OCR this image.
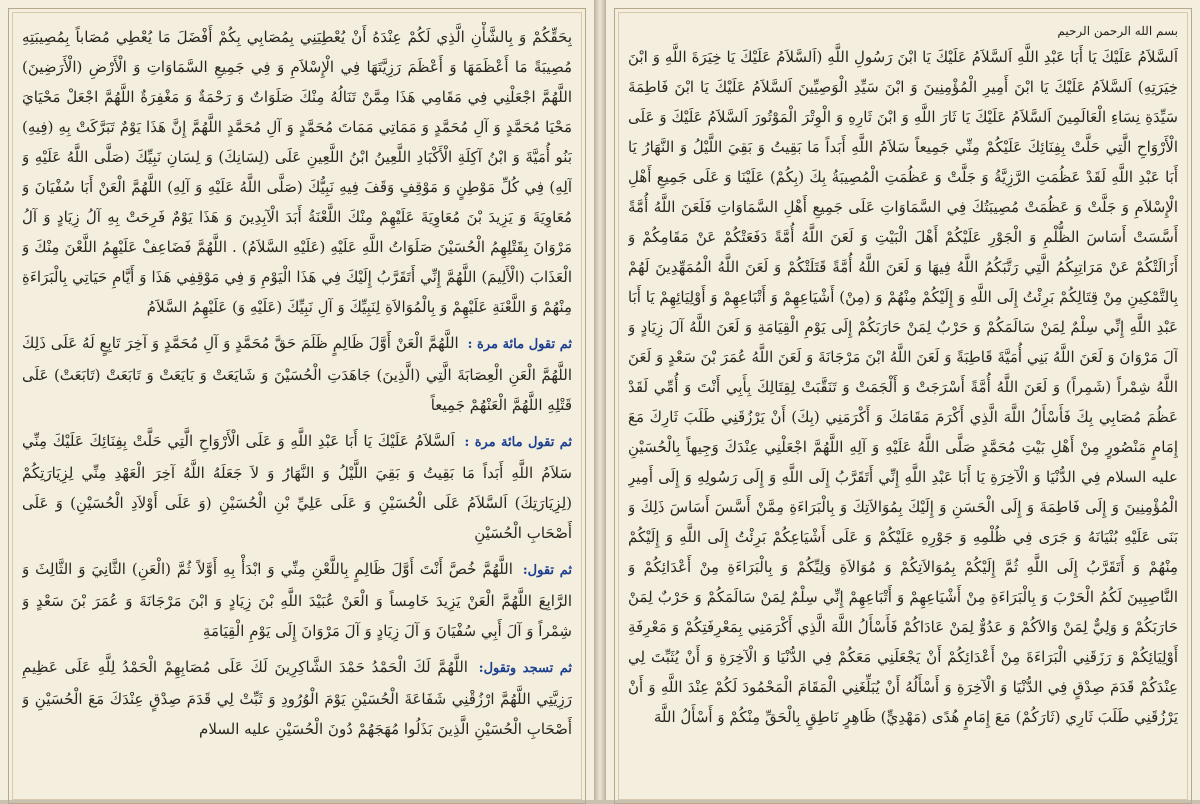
بِحَقِّكُمْ وَ بِالشَّأْنِ الَّذِي لَكُمْ عِنْدَهُ أَنْ يُعْطِيَنِي بِمُصَابِي بِكُمْ أَفْضَلَ مَا يُعْطِي مُصَاباً بِمُصِيبَتِهِ مُصِيبَةً مَا أَعْظَمَهَا وَ أَعْظَمَ رَزِيَّتَهَا فِي الْإِسْلاَمِ وَ فِي جَمِيعِ السَّمَاوَاتِ وَ الْأَرْضِ (الْأَرَضِينَ) اللَّهُمَّ اجْعَلْنِي فِي مَقَامِي هَذَا مِمَّنْ تَنَالُهُ مِنْكَ صَلَوَاتٌ وَ رَحْمَةٌ وَ مَغْفِرَةٌ اللَّهُمَّ اجْعَلْ مَحْيَايَ مَحْيَا مُحَمَّدٍ وَ آلِ مُحَمَّدٍ وَ مَمَاتِي مَمَاتَ مُحَمَّدٍ وَ آلِ مُحَمَّدٍ اللَّهُمَّ إِنَّ هَذَا يَوْمٌ تَبَرَّكَتْ بِهِ (فِيهِ) بَنُو أُمَيَّةَ وَ ابْنُ آكِلَةِ الْأَكْبَادِ اللَّعِينُ ابْنُ اللَّعِينِ عَلَى (لِسَانِكَ) وَ لِسَانِ نَبِيِّكَ (صَلَّى اللَّهُ عَلَيْهِ وَ آلِهِ) فِي كُلِّ مَوْطِنٍ وَ مَوْقِفٍ وَقَفَ فِيهِ نَبِيُّكَ (صَلَّى اللَّهُ عَلَيْهِ وَ آلِهِ) اللَّهُمَّ الْعَنْ أَبَا سُفْيَانَ وَ مُعَاوِيَةَ وَ يَزِيدَ بْنَ مُعَاوِيَةَ عَلَيْهِمْ مِنْكَ اللَّعْنَةُ أَبَدَ الْآبِدِينَ وَ هَذَا يَوْمٌ فَرِحَتْ بِهِ آلُ زِيَادٍ وَ آلُ مَرْوَانَ بِقَتْلِهِمُ الْحُسَيْنَ صَلَوَاتُ اللَّهِ عَلَيْهِ (عَلَيْهِ السَّلاَمُ) . اللَّهُمَّ فَضَاعِفْ عَلَيْهِمُ اللَّعْنَ مِنْكَ وَ الْعَذَابَ (الْأَلِيمَ) اللَّهُمَّ إِنِّي أَتَقَرَّبُ إِلَيْكَ فِي هَذَا الْيَوْمِ وَ فِي مَوْقِفِي هَذَا وَ أَيَّامِ حَيَاتِي بِالْبَرَاءَةِ مِنْهُمْ وَ اللَّعْنَةِ عَلَيْهِمْ وَ بِالْمُوَالاَةِ لِنَبِيِّكَ وَ آلِ نَبِيِّكَ (عَلَيْهِ وَ) عَلَيْهِمُ السَّلاَمُ

ثم تقول مائة مرة : اللَّهُمَّ الْعَنْ أَوَّلَ ظَالِمٍ ظَلَمَ حَقَّ مُحَمَّدٍ وَ آلِ مُحَمَّدٍ وَ آخِرَ تَابِعٍ لَهُ عَلَى ذَلِكَ اللَّهُمَّ الْعَنِ الْعِصَابَةَ الَّتِي (الَّذِينَ) جَاهَدَتِ الْحُسَيْنَ وَ شَايَعَتْ وَ بَايَعَتْ وَ تَابَعَتْ (تَابَعَتْ) عَلَى قَتْلِهِ اللَّهُمَّ الْعَنْهُمْ جَمِيعاً

ثم تقول مائة مرة : اَلسَّلاَمُ عَلَيْكَ يَا أَبَا عَبْدِ اللَّهِ وَ عَلَى الْأَرْوَاحِ الَّتِي حَلَّتْ بِفِنَائِكَ عَلَيْكَ مِنِّي سَلاَمُ اللَّهِ أَبَداً مَا بَقِيتُ وَ بَقِيَ اللَّيْلُ وَ النَّهَارُ وَ لاَ جَعَلَهُ اللَّهُ آخِرَ الْعَهْدِ مِنِّي لِزِيَارَتِكُمْ (لِزِيَارَتِكَ) اَلسَّلاَمُ عَلَى الْحُسَيْنِ وَ عَلَى عَلِيِّ بْنِ الْحُسَيْنِ (وَ عَلَى أَوْلاَدِ الْحُسَيْنِ) وَ عَلَى أَصْحَابِ الْحُسَيْنِ

ثم تقول: اللَّهُمَّ خُصَّ أَنْتَ أَوَّلَ ظَالِمٍ بِاللَّعْنِ مِنِّي وَ ابْدَأْ بِهِ أَوَّلاً ثُمَّ (الْعَنِ) الثَّانِيَ وَ الثَّالِثَ وَ الرَّابِعَ اللَّهُمَّ الْعَنْ يَزِيدَ خَامِساً وَ الْعَنْ عُبَيْدَ اللَّهِ بْنَ زِيَادٍ وَ ابْنَ مَرْجَانَةَ وَ عُمَرَ بْنَ سَعْدٍ وَ شِمْراً وَ آلَ أَبِي سُفْيَانَ وَ آلَ زِيَادٍ وَ آلَ مَرْوَانَ إِلَى يَوْمِ الْقِيَامَةِ

ثم تسجد وتقول: اللَّهُمَّ لَكَ الْحَمْدُ حَمْدَ الشَّاكِرِينَ لَكَ عَلَى مُصَابِهِمْ الْحَمْدُ لِلَّهِ عَلَى عَظِيمِ رَزِيَّتِي اللَّهُمَّ ارْزُقْنِي شَفَاعَةَ الْحُسَيْنِ يَوْمَ الْوُرُودِ وَ ثَبِّتْ لِي قَدَمَ صِدْقٍ عِنْدَكَ مَعَ الْحُسَيْنِ وَ أَصْحَابِ الْحُسَيْنِ الَّذِينَ بَذَلُوا مُهَجَهُمْ دُونَ الْحُسَيْنِ عليه السلام

بسم الله الرحمن الرحيم

اَلسَّلاَمُ عَلَيْكَ يَا أَبَا عَبْدِ اللَّهِ اَلسَّلاَمُ عَلَيْكَ يَا ابْنَ رَسُولِ اللَّهِ (اَلسَّلاَمُ عَلَيْكَ يَا خِيَرَةَ اللَّهِ وَ ابْنَ خِيَرَتِهِ) اَلسَّلاَمُ عَلَيْكَ يَا ابْنَ أَمِيرِ الْمُؤْمِنِينَ وَ ابْنَ سَيِّدِ الْوَصِيِّينَ اَلسَّلاَمُ عَلَيْكَ يَا ابْنَ فَاطِمَةَ سَيِّدَةِ نِسَاءِ الْعَالَمِينَ اَلسَّلاَمُ عَلَيْكَ يَا ثَارَ اللَّهِ وَ ابْنَ ثَارِهِ وَ الْوِتْرَ الْمَوْتُورَ اَلسَّلاَمُ عَلَيْكَ وَ عَلَى الْأَرْوَاحِ الَّتِي حَلَّتْ بِفِنَائِكَ عَلَيْكُمْ مِنِّي جَمِيعاً سَلاَمُ اللَّهِ أَبَداً مَا بَقِيتُ وَ بَقِيَ اللَّيْلُ وَ النَّهَارُ يَا أَبَا عَبْدِ اللَّهِ لَقَدْ عَظُمَتِ الرَّزِيَّةُ وَ جَلَّتْ وَ عَظُمَتِ الْمُصِيبَةُ بِكَ (بِكُمْ) عَلَيْنَا وَ عَلَى جَمِيعِ أَهْلِ الْإِسْلاَمِ وَ جَلَّتْ وَ عَظُمَتْ مُصِيبَتُكَ فِي السَّمَاوَاتِ عَلَى جَمِيعِ أَهْلِ السَّمَاوَاتِ فَلَعَنَ اللَّهُ أُمَّةً أَسَّسَتْ أَسَاسَ الظُّلْمِ وَ الْجَوْرِ عَلَيْكُمْ أَهْلَ الْبَيْتِ وَ لَعَنَ اللَّهُ أُمَّةً دَفَعَتْكُمْ عَنْ مَقَامِكُمْ وَ أَزَالَتْكُمْ عَنْ مَرَاتِبِكُمُ الَّتِي رَتَّبَكُمُ اللَّهُ فِيهَا وَ لَعَنَ اللَّهُ أُمَّةً قَتَلَتْكُمْ وَ لَعَنَ اللَّهُ الْمُمَهِّدِينَ لَهُمْ بِالتَّمْكِينِ مِنْ قِتَالِكُمْ بَرِئْتُ إِلَى اللَّهِ وَ إِلَيْكُمْ مِنْهُمْ وَ (مِنْ) أَشْيَاعِهِمْ وَ أَتْبَاعِهِمْ وَ أَوْلِيَائِهِمْ يَا أَبَا عَبْدِ اللَّهِ إِنِّي سِلْمٌ لِمَنْ سَالَمَكُمْ وَ حَرْبٌ لِمَنْ حَارَبَكُمْ إِلَى يَوْمِ الْقِيَامَةِ وَ لَعَنَ اللَّهُ آلَ زِيَادٍ وَ آلَ مَرْوَانَ وَ لَعَنَ اللَّهُ بَنِي أُمَيَّةَ قَاطِبَةً وَ لَعَنَ اللَّهُ ابْنَ مَرْجَانَةَ وَ لَعَنَ اللَّهُ عُمَرَ بْنَ سَعْدٍ وَ لَعَنَ اللَّهُ شِمْراً (شَمِراً) وَ لَعَنَ اللَّهُ أُمَّةً أَسْرَجَتْ وَ أَلْجَمَتْ وَ تَنَقَّبَتْ لِقِتَالِكَ بِأَبِي أَنْتَ وَ أُمِّي لَقَدْ عَظُمَ مُصَابِي بِكَ فَأَسْأَلُ اللَّهَ الَّذِي أَكْرَمَ مَقَامَكَ وَ أَكْرَمَنِي (بِكَ) أَنْ يَرْزُقَنِي طَلَبَ ثَارِكَ مَعَ إِمَامٍ مَنْصُورٍ مِنْ أَهْلِ بَيْتِ مُحَمَّدٍ صَلَّى اللَّهُ عَلَيْهِ وَ آلِهِ اللَّهُمَّ اجْعَلْنِي عِنْدَكَ وَجِيهاً بِالْحُسَيْنِ عليه السلام فِي الدُّنْيَا وَ الْآخِرَةِ يَا أَبَا عَبْدِ اللَّهِ إِنِّي أَتَقَرَّبُ إِلَى اللَّهِ وَ إِلَى رَسُولِهِ وَ إِلَى أَمِيرِ الْمُؤْمِنِينَ وَ إِلَى فَاطِمَةَ وَ إِلَى الْحَسَنِ وَ إِلَيْكَ بِمُوَالاَتِكَ وَ بِالْبَرَاءَةِ مِمَّنْ أَسَّسَ أَسَاسَ ذَلِكَ وَ بَنَى عَلَيْهِ بُنْيَانَهُ وَ جَرَى فِي ظُلْمِهِ وَ جَوْرِهِ عَلَيْكُمْ وَ عَلَى أَشْيَاعِكُمْ بَرِئْتُ إِلَى اللَّهِ وَ إِلَيْكُمْ مِنْهُمْ وَ أَتَقَرَّبُ إِلَى اللَّهِ ثُمَّ إِلَيْكُمْ بِمُوَالاَتِكُمْ وَ مُوَالاَةِ وَلِيِّكُمْ وَ بِالْبَرَاءَةِ مِنْ أَعْدَائِكُمْ وَ النَّاصِبِينَ لَكُمُ الْحَرْبَ وَ بِالْبَرَاءَةِ مِنْ أَشْيَاعِهِمْ وَ أَتْبَاعِهِمْ إِنِّي سِلْمٌ لِمَنْ سَالَمَكُمْ وَ حَرْبٌ لِمَنْ حَارَبَكُمْ وَ وَلِيٌّ لِمَنْ وَالاَكُمْ وَ عَدُوٌّ لِمَنْ عَادَاكُمْ فَأَسْأَلُ اللَّهَ الَّذِي أَكْرَمَنِي بِمَعْرِفَتِكُمْ وَ مَعْرِفَةِ أَوْلِيَائِكُمْ وَ رَزَقَنِي الْبَرَاءَةَ مِنْ أَعْدَائِكُمْ أَنْ يَجْعَلَنِي مَعَكُمْ فِي الدُّنْيَا وَ الْآخِرَةِ وَ أَنْ يُثَبِّتَ لِي عِنْدَكُمْ قَدَمَ صِدْقٍ فِي الدُّنْيَا وَ الْآخِرَةِ وَ أَسْأَلُهُ أَنْ يُبَلِّغَنِي الْمَقَامَ الْمَحْمُودَ لَكُمْ عِنْدَ اللَّهِ وَ أَنْ يَرْزُقَنِي طَلَبَ ثَارِي (ثَارَكُمْ) مَعَ إِمَامٍ هُدًى (مَهْدِيٍّ) ظَاهِرٍ نَاطِقٍ بِالْحَقِّ مِنْكُمْ وَ أَسْأَلُ اللَّهَ
